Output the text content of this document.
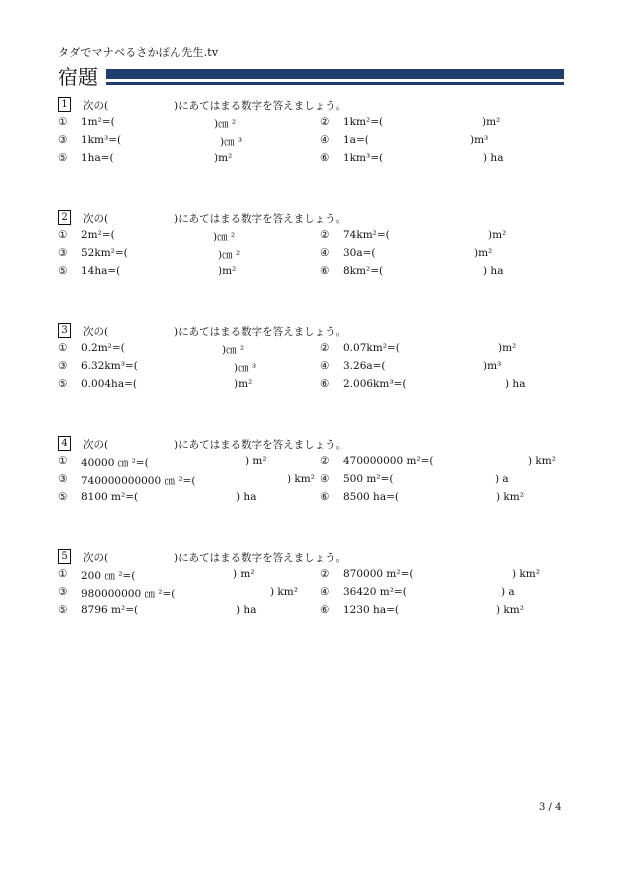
タダでマナベるさかぽん先生.tv
宿題
1	次の(	)にあてはまる数字を答えましょう。
① 1m²=(	)㎝ ²	② 1km²=(	)m²
③ 1km³=(	)㎝ ³	④ 1a=(	)m³
⑤ 1ha=(	)m²	⑥ 1km³=(	) ha
2	次の(	)にあてはまる数字を答えましょう。
① 2m²=(	)㎝ ²	② 74km²=(	)m²
③ 52km²=(	)㎝ ²	④ 30a=(	)m²
⑤ 14ha=(	)m²	⑥ 8km²=(	) ha
3	次の(	)にあてはまる数字を答えましょう。
① 0.2m²=(	)㎝ ²	② 0.07km²=(	)m²
③ 6.32km³=(	)㎝ ³	④ 3.26a=(	)m³
⑤ 0.004ha=(	)m²	⑥ 2.006km³=(	) ha
4	次の(	)にあてはまる数字を答えましょう。
① 40000 ㎝ ²=(	) m²	② 470000000 m²=(	) km²
③ 740000000000 ㎝ ²=(	) km² ④ 500 m²=(	) a
⑤ 8100 m²=(	) ha	⑥ 8500 ha=(	) km²
5	次の(	)にあてはまる数字を答えましょう。
① 200 ㎝ ²=(	) m²	② 870000 m²=(	) km²
③ 980000000 ㎝ ²=(	) km² ④ 36420 m²=(	) a
⑤ 8796 m²=(	) ha	⑥ 1230 ha=(	) km²
3 / 4
